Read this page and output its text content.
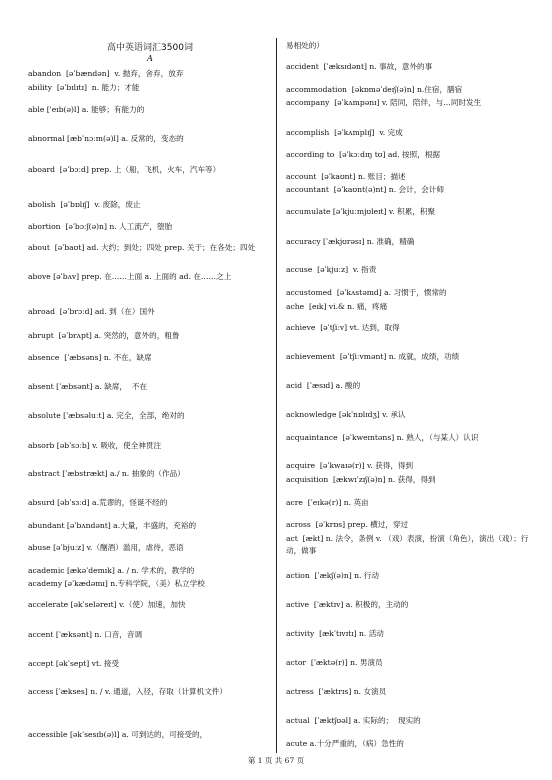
高中英语词汇3500词
A
abandon  [əˈbændən]  v. 抛弃，舍弃，放弃
ability  [əˈbɪlɪtɪ]  n. 能力；才能
able ['eɪb(ə)l] a. 能够；有能力的
abnormal [æbˈnɔːm(ə)l] a. 反常的，变态的
aboard  [əˈbɔːd] prep. 上（船，飞机，火车，汽车等）
abolish  [əˈbɒlɪʃ]  v. 废除，废止
abortion  [əˈbɔːʃ(ə)n] n. 人工流产，堕胎
about  [əˈbaʊt] ad. 大约；到处；四处 prep. 关于；在各处；四处
above [əˈbʌv] prep. 在……上面 a. 上面的 ad. 在……之上
abroad  [əˈbrɔːd] ad. 到（在）国外
abrupt  [əˈbrʌpt] a. 突然的，意外的，粗鲁
absence  [ˈæbsəns] n. 不在，缺席
absent [ˈæbsənt] a. 缺席，  不在
absolute [ˈæbsəluːt] a. 完全，全部，绝对的
absorb [əbˈsɔːb] v. 吸收，使全神贯注
abstract [ˈæbstrækt] a./ n. 抽象的（作品）
absurd [əbˈsɜːd] a.荒谬的，怪诞不经的
abundant [əˈbʌndənt] a.大量，丰盛的，充裕的
abuse [əˈbjuːz] v.（酗酒）滥用，虐待，恶语
academic [ækəˈdemɪk] a. / n. 学术的，教学的
academy [əˈkædəmɪ] n.专科学院，（美）私立学校
accelerate [əkˈseləreɪt] v.（使）加速，加快
accent [ˈæksənt] n. 口音，音调
accept [əkˈsept] vt. 接受
access [ˈækses] n. / v. 通道，入径，存取（计算机文件）
accessible [əkˈsesɪb(ə)l] a. 可到达的，可接受的，
易相处的）
accident  [ˈæksɪdənt] n. 事故，意外的事
accommodation  [əkɒməˈdeɪʃ(ə)n] n.住宿，膳宿
accompany  [əˈkʌmpənɪ] v. 陪同，陪伴，与…同时发生
accomplish  [əˈkʌmplɪʃ]  v. 完成
according to  [əˈkɔːdɪŋ tʊ] ad. 按照，根据
account  [əˈkaʊnt] n. 账目；描述
accountant  [əˈkaʊnt(ə)nt] n. 会计，会计师
accumulate [əˈkjuːmjʊleɪt] v. 积累，积聚
accuracy [ˈækjʊrəsɪ] n. 准确，精确
accuse  [əˈkjuːz]  v. 指责
accustomed  [əˈkʌstəmd] a. 习惯于，惯常的
ache  [eɪk] vi.& n. 痛，疼痛
achieve  [əˈtʃiːv] vt. 达到，取得
achievement  [əˈtʃiːvmənt] n. 成就，成绩，功绩
acid  [ˈæsɪd] a. 酸的
acknowledge [əkˈnɒlɪdʒ] v. 承认
acquaintance  [əˈkweɪntəns] n. 熟人，（与某人）认识
acquire  [əˈkwaɪə(r)] v. 获得，得到
acquisition  [ækwɪˈzɪʃ(ə)n] n. 获得，得到
acre  [ˈeɪkə(r)] n. 英亩
across  [əˈkrɒs] prep. 横过，穿过
act  [ækt] n. 法令，条例 v. （戏）表演，扮演（角色），演出（戏）；行动，做事
action  [ˈækʃ(ə)n] n. 行动
active  [ˈæktɪv] a. 积极的，主动的
activity  [ækˈtɪvɪtɪ] n. 活动
actor  [ˈæktə(r)] n. 男演员
actress  [ˈæktrɪs] n. 女演员
actual  [ˈæktʃʊəl] a. 实际的；  现实的
acute a.十分严重的，（病）急性的
第 1 页 共 67 页
